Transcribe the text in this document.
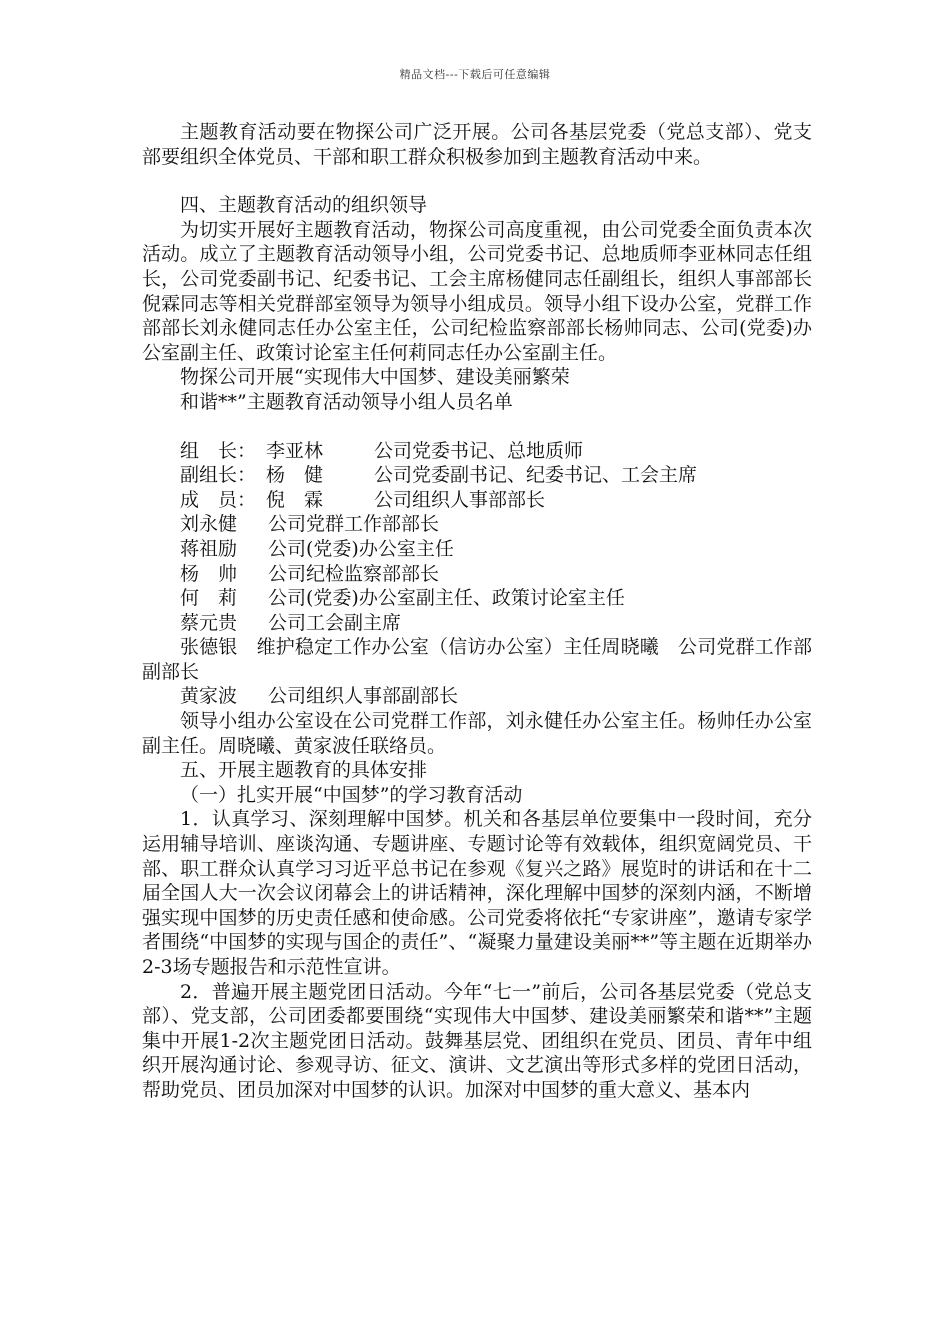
精品文档---下载后可任意编辑

主题教育活动要在物探公司广泛开展。公司各基层党委（党总支部）、党支部要组织全体党员、干部和职工群众积极参加到主题教育活动中来。

四、主题教育活动的组织领导

为切实开展好主题教育活动，物探公司高度重视，由公司党委全面负责本次活动。成立了主题教育活动领导小组，公司党委书记、总地质师李亚林同志任组长，公司党委副书记、纪委书记、工会主席杨健同志任副组长，组织人事部部长倪霖同志等相关党群部室领导为领导小组成员。领导小组下设办公室，党群工作部部长刘永健同志任办公室主任，公司纪检监察部部长杨帅同志、公司(党委)办公室副主任、政策讨论室主任何莉同志任办公室副主任。

物探公司开展“实现伟大中国梦、建设美丽繁荣

和谐**”主题教育活动领导小组人员名单

组　长： 李亚林	公司党委书记、总地质师

副组长： 杨　健	公司党委副书记、纪委书记、工会主席

成　员： 倪　霖	公司组织人事部部长

刘永健 公司党群工作部部长

蒋祖励 公司(党委)办公室主任

杨　帅 公司纪检监察部部长

何　莉 公司(党委)办公室副主任、政策讨论室主任

蔡元贵 公司工会副主席

张德银　维护稳定工作办公室（信访办公室）主任周晓曦　公司党群工作部副部长

黄家波 公司组织人事部副部长

领导小组办公室设在公司党群工作部，刘永健任办公室主任。杨帅任办公室副主任。周晓曦、黄家波任联络员。

五、开展主题教育的具体安排

（一）扎实开展“中国梦”的学习教育活动

1．认真学习、深刻理解中国梦。机关和各基层单位要集中一段时间，充分运用辅导培训、座谈沟通、专题讲座、专题讨论等有效载体，组织宽阔党员、干部、职工群众认真学习习近平总书记在参观《复兴之路》展览时的讲话和在十二届全国人大一次会议闭幕会上的讲话精神，深化理解中国梦的深刻内涵，不断增强实现中国梦的历史责任感和使命感。公司党委将依托“专家讲座”，邀请专家学者围绕“中国梦的实现与国企的责任”、“凝聚力量建设美丽**”等主题在近期举办2-3场专题报告和示范性宣讲。

2．普遍开展主题党团日活动。今年“七一”前后，公司各基层党委（党总支部）、党支部，公司团委都要围绕“实现伟大中国梦、建设美丽繁荣和谐**”主题集中开展1-2次主题党团日活动。鼓舞基层党、团组织在党员、团员、青年中组织开展沟通讨论、参观寻访、征文、演讲、文艺演出等形式多样的党团日活动，帮助党员、团员加深对中国梦的认识。加深对中国梦的重大意义、基本内
